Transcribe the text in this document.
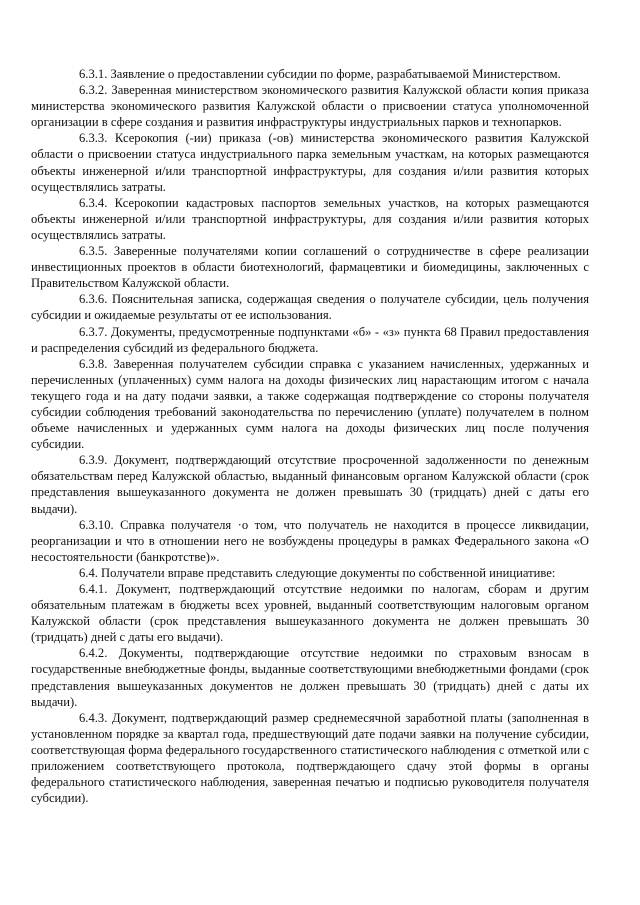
6.3.1. Заявление о предоставлении субсидии по форме, разрабатываемой Министерством.

6.3.2. Заверенная министерством экономического развития Калужской области копия приказа министерства экономического развития Калужской области о присвоении статуса уполномоченной организации в сфере создания и развития инфраструктуры индустриальных парков и технопарков.

6.3.3. Ксерокопия (-ии) приказа (-ов) министерства экономического развития Калужской области о присвоении статуса индустриального парка земельным участкам, на которых размещаются объекты инженерной и/или транспортной инфраструктуры, для создания и/или развития которых осуществлялись затраты.

6.3.4. Ксерокопии кадастровых паспортов земельных участков, на которых размещаются объекты инженерной и/или транспортной инфраструктуры, для создания и/или развития которых осуществлялись затраты.

6.3.5. Заверенные получателями копии соглашений о сотрудничестве в сфере реализации инвестиционных проектов в области биотехнологий, фармацевтики и биомедицины, заключенных с Правительством Калужской области.

6.3.6. Пояснительная записка, содержащая сведения о получателе субсидии, цель получения субсидии и ожидаемые результаты от ее использования.

6.3.7. Документы, предусмотренные подпунктами «б» - «з» пункта 68 Правил предоставления и распределения субсидий из федерального бюджета.

6.3.8. Заверенная получателем субсидии справка с указанием начисленных, удержанных и перечисленных (уплаченных) сумм налога на доходы физических лиц нарастающим итогом с начала текущего года и на дату подачи заявки, а также содержащая подтверждение со стороны получателя субсидии соблюдения требований законодательства по перечислению (уплате) получателем в полном объеме начисленных и удержанных сумм налога на доходы физических лиц после получения субсидии.

6.3.9. Документ, подтверждающий отсутствие просроченной задолженности по денежным обязательствам перед Калужской областью, выданный финансовым органом Калужской области (срок представления вышеуказанного документа не должен превышать 30 (тридцать) дней с даты его выдачи).

6.3.10. Справка получателя ·о том, что получатель не находится в процессе ликвидации, реорганизации и что в отношении него не возбуждены процедуры в рамках Федерального закона «О несостоятельности (банкротстве)».

6.4. Получатели вправе представить следующие документы по собственной инициативе:

6.4.1. Документ, подтверждающий отсутствие недоимки по налогам, сборам и другим обязательным платежам в бюджеты всех уровней, выданный соответствующим налоговым органом Калужской области (срок представления вышеуказанного документа не должен превышать 30 (тридцать) дней с даты его выдачи).

6.4.2. Документы, подтверждающие отсутствие недоимки по страховым взносам в государственные внебюджетные фонды, выданные соответствующими внебюджетными фондами (срок представления вышеуказанных документов не должен превышать 30 (тридцать) дней с даты их выдачи).

6.4.3. Документ, подтверждающий размер среднемесячной заработной платы (заполненная в установленном порядке за квартал года, предшествующий дате подачи заявки на получение субсидии, соответствующая форма федерального государственного статистического наблюдения с отметкой или с приложением соответствующего протокола, подтверждающего сдачу этой формы в органы федерального статистического наблюдения, заверенная печатью и подписью руководителя получателя субсидии).
